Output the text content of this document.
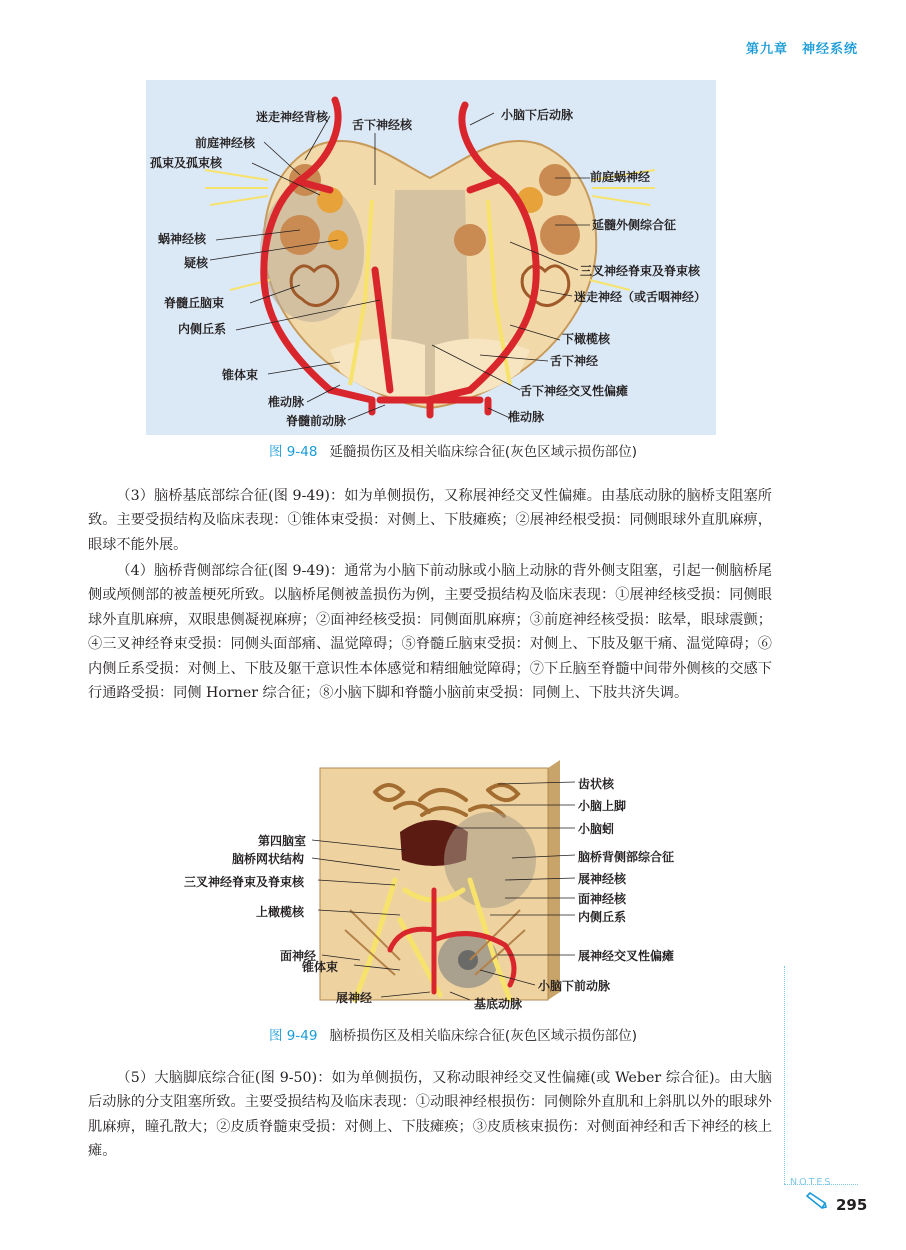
第九章 神经系统
迷走神经背核
舌下神经核
小脑下后动脉
前庭神经核
孤束及孤束核
前庭蜗神经
延髓外侧综合征
蜗神经核
疑核
三叉神经脊束及脊束核
脊髓丘脑束	迷走神经（或舌咽神经）
内侧丘系
下橄榄核
舌下神经
锥体束
舌下神经交叉性偏瘫
椎动脉
脊髓前动脉	椎动脉
图 9-48 延髓损伤区及相关临床综合征(灰色区域示损伤部位)

（3）脑桥基底部综合征(图 9-49)：如为单侧损伤，又称展神经交叉性偏瘫。由基底动脉的脑桥支阻塞所致。主要受损结构及临床表现：①锥体束受损：对侧上、下肢瘫痪；②展神经根受损：同侧眼球外直肌麻痹，眼球不能外展。

（4）脑桥背侧部综合征(图 9-49)：通常为小脑下前动脉或小脑上动脉的背外侧支阻塞，引起一侧脑桥尾侧或颅侧部的被盖梗死所致。以脑桥尾侧被盖损伤为例，主要受损结构及临床表现：①展神经核受损：同侧眼球外直肌麻痹，双眼患侧凝视麻痹；②面神经核受损：同侧面肌麻痹；③前庭神经核受损：眩晕，眼球震颤；④三叉神经脊束受损：同侧头面部痛、温觉障碍；⑤脊髓丘脑束受损：对侧上、下肢及躯干痛、温觉障碍；⑥内侧丘系受损：对侧上、下肢及躯干意识性本体感觉和精细触觉障碍；⑦下丘脑至脊髓中间带外侧核的交感下行通路受损：同侧 Horner 综合征；⑧小脑下脚和脊髓小脑前束受损：同侧上、下肢共济失调。

齿状核
小脑上脚
小脑蚓
第四脑室
脑桥背侧部综合征
脑桥网状结构
展神经核
三叉神经脊束及脊束核
面神经核
上橄榄核	内侧丘系
面神经	展神经交叉性偏瘫
锥体束
小脑下前动脉
展神经	基底动脉
图 9-49 脑桥损伤区及相关临床综合征(灰色区域示损伤部位)

（5）大脑脚底综合征(图 9-50)：如为单侧损伤，又称动眼神经交叉性偏瘫(或 Weber 综合征)。由大脑后动脉的分支阻塞所致。主要受损结构及临床表现：①动眼神经根损伤：同侧除外直肌和上斜肌以外的眼球外肌麻痹，瞳孔散大；②皮质脊髓束受损：对侧上、下肢瘫痪；③皮质核束损伤：对侧面神经和舌下神经的核上瘫。

NOTES
295
